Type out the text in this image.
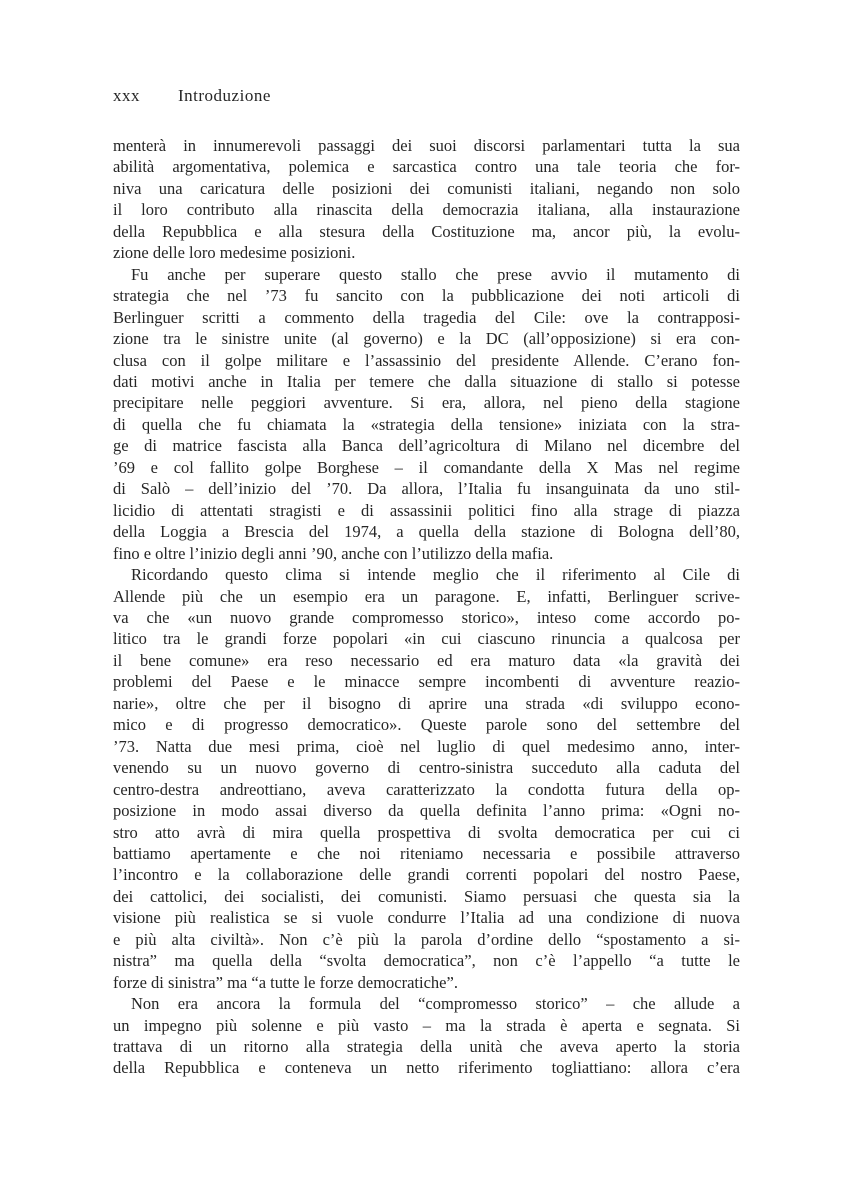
xxx Introduzione
menterà in innumerevoli passaggi dei suoi discorsi parlamentari tutta la sua
abilità argomentativa, polemica e sarcastica contro una tale teoria che for-
niva una caricatura delle posizioni dei comunisti italiani, negando non solo
il loro contributo alla rinascita della democrazia italiana, alla instaurazione
della Repubblica e alla stesura della Costituzione ma, ancor più, la evolu-
zione delle loro medesime posizioni.
Fu anche per superare questo stallo che prese avvio il mutamento di
strategia che nel ’73 fu sancito con la pubblicazione dei noti articoli di
Berlinguer scritti a commento della tragedia del Cile: ove la contrapposi-
zione tra le sinistre unite (al governo) e la DC (all’opposizione) si era con-
clusa con il golpe militare e l’assassinio del presidente Allende. C’erano fon-
dati motivi anche in Italia per temere che dalla situazione di stallo si potesse
precipitare nelle peggiori avventure. Si era, allora, nel pieno della stagione
di quella che fu chiamata la «strategia della tensione» iniziata con la stra-
ge di matrice fascista alla Banca dell’agricoltura di Milano nel dicembre del
’69 e col fallito golpe Borghese – il comandante della X Mas nel regime
di Salò – dell’inizio del ’70. Da allora, l’Italia fu insanguinata da uno stil-
licidio di attentati stragisti e di assassinii politici fino alla strage di piazza
della Loggia a Brescia del 1974, a quella della stazione di Bologna dell’80,
fino e oltre l’inizio degli anni ’90, anche con l’utilizzo della mafia.
Ricordando questo clima si intende meglio che il riferimento al Cile di
Allende più che un esempio era un paragone. E, infatti, Berlinguer scrive-
va che «un nuovo grande compromesso storico», inteso come accordo po-
litico tra le grandi forze popolari «in cui ciascuno rinuncia a qualcosa per
il bene comune» era reso necessario ed era maturo data «la gravità dei
problemi del Paese e le minacce sempre incombenti di avventure reazio-
narie», oltre che per il bisogno di aprire una strada «di sviluppo econo-
mico e di progresso democratico». Queste parole sono del settembre del
’73. Natta due mesi prima, cioè nel luglio di quel medesimo anno, inter-
venendo su un nuovo governo di centro-sinistra succeduto alla caduta del
centro-destra andreottiano, aveva caratterizzato la condotta futura della op-
posizione in modo assai diverso da quella definita l’anno prima: «Ogni no-
stro atto avrà di mira quella prospettiva di svolta democratica per cui ci
battiamo apertamente e che noi riteniamo necessaria e possibile attraverso
l’incontro e la collaborazione delle grandi correnti popolari del nostro Paese,
dei cattolici, dei socialisti, dei comunisti. Siamo persuasi che questa sia la
visione più realistica se si vuole condurre l’Italia ad una condizione di nuova
e più alta civiltà». Non c’è più la parola d’ordine dello “spostamento a si-
nistra” ma quella della “svolta democratica”, non c’è l’appello “a tutte le
forze di sinistra” ma “a tutte le forze democratiche”.
Non era ancora la formula del “compromesso storico” – che allude a
un impegno più solenne e più vasto – ma la strada è aperta e segnata. Si
trattava di un ritorno alla strategia della unità che aveva aperto la storia
della Repubblica e conteneva un netto riferimento togliattiano: allora c’era
